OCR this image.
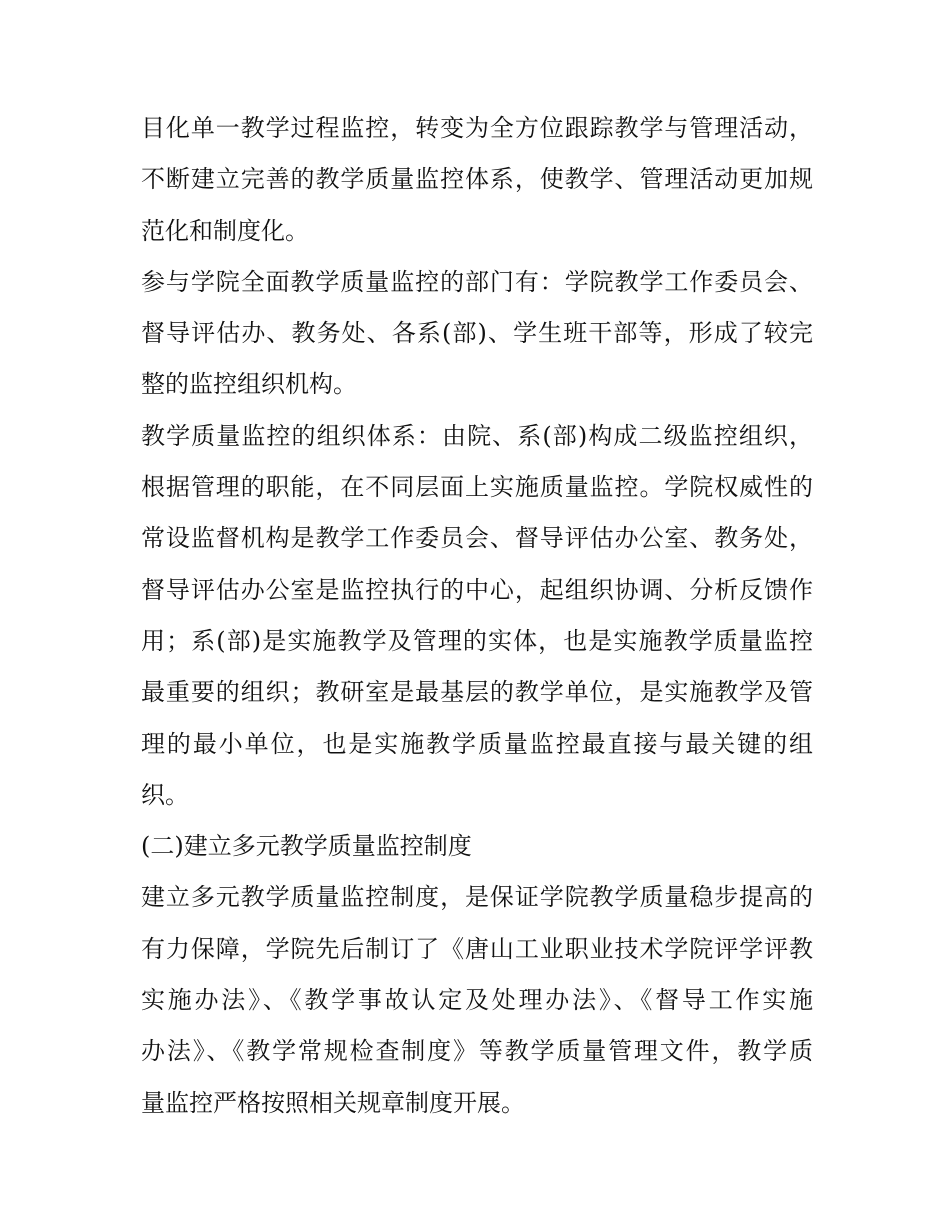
目化单一教学过程监控，转变为全方位跟踪教学与管理活动，
不断建立完善的教学质量监控体系，使教学、管理活动更加规
范化和制度化。
参与学院全面教学质量监控的部门有：学院教学工作委员会、
督导评估办、教务处、各系(部)、学生班干部等，形成了较完
整的监控组织机构。
教学质量监控的组织体系：由院、系(部)构成二级监控组织，
根据管理的职能，在不同层面上实施质量监控。学院权威性的
常设监督机构是教学工作委员会、督导评估办公室、教务处，
督导评估办公室是监控执行的中心，起组织协调、分析反馈作
用；系(部)是实施教学及管理的实体，也是实施教学质量监控
最重要的组织；教研室是最基层的教学单位，是实施教学及管
理的最小单位，也是实施教学质量监控最直接与最关键的组
织。
(二)建立多元教学质量监控制度
建立多元教学质量监控制度，是保证学院教学质量稳步提高的
有力保障，学院先后制订了《唐山工业职业技术学院评学评教
实施办法》、《教学事故认定及处理办法》、《督导工作实施
办法》、《教学常规检查制度》等教学质量管理文件，教学质
量监控严格按照相关规章制度开展。
